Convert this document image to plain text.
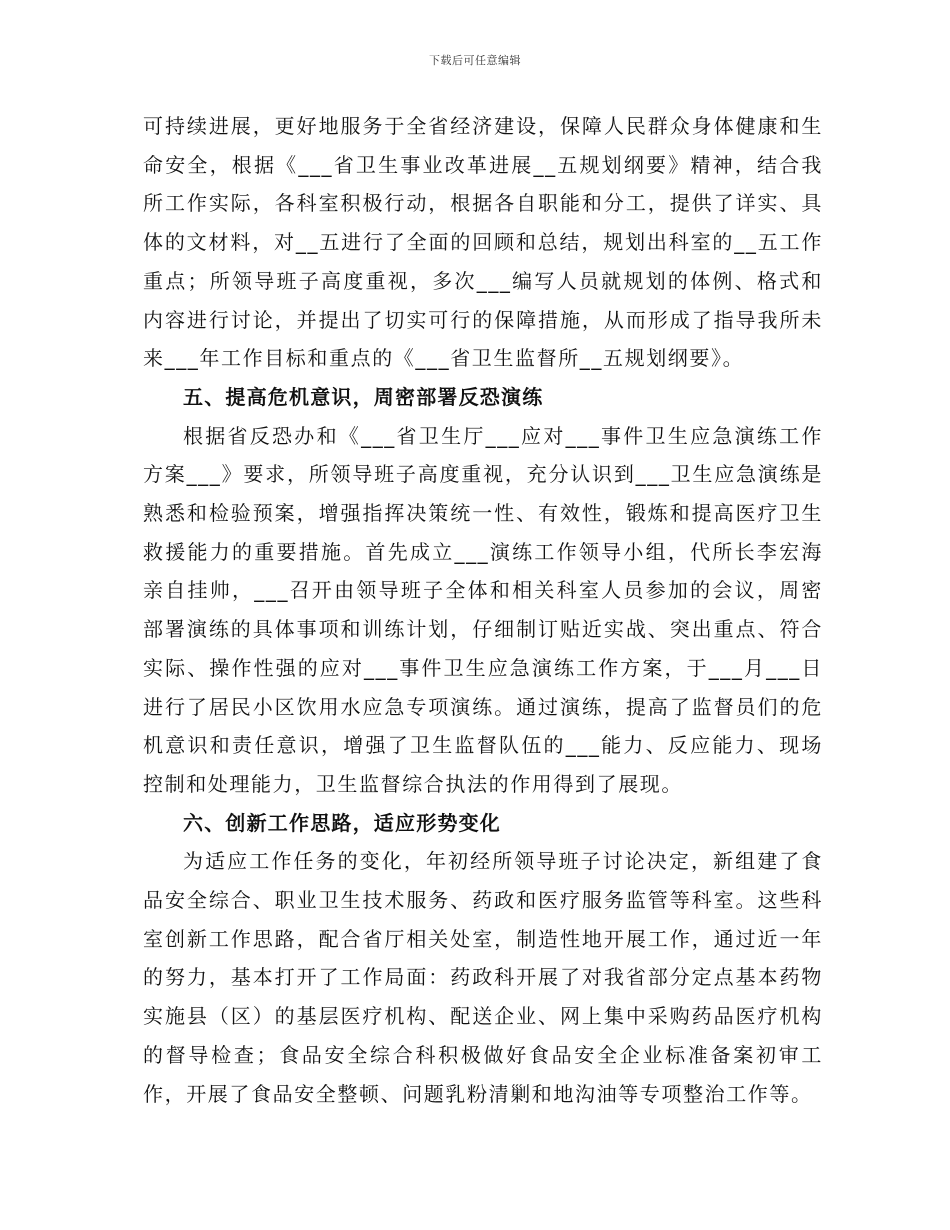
下载后可任意编辑

可持续进展，更好地服务于全省经济建设，保障人民群众身体健康和生命安全，根据《___省卫生事业改革进展__五规划纲要》精神，结合我所工作实际，各科室积极行动，根据各自职能和分工，提供了详实、具体的文材料，对__五进行了全面的回顾和总结，规划出科室的__五工作重点；所领导班子高度重视，多次___编写人员就规划的体例、格式和内容进行讨论，并提出了切实可行的保障措施，从而形成了指导我所未来___年工作目标和重点的《___省卫生监督所__五规划纲要》。

五、提高危机意识，周密部署反恐演练

根据省反恐办和《___省卫生厅___应对___事件卫生应急演练工作方案___》要求，所领导班子高度重视，充分认识到___卫生应急演练是熟悉和检验预案，增强指挥决策统一性、有效性，锻炼和提高医疗卫生救援能力的重要措施。首先成立___演练工作领导小组，代所长李宏海亲自挂帅，___召开由领导班子全体和相关科室人员参加的会议，周密部署演练的具体事项和训练计划，仔细制订贴近实战、突出重点、符合实际、操作性强的应对___事件卫生应急演练工作方案，于___月___日进行了居民小区饮用水应急专项演练。通过演练，提高了监督员们的危机意识和责任意识，增强了卫生监督队伍的___能力、反应能力、现场控制和处理能力，卫生监督综合执法的作用得到了展现。

六、创新工作思路，适应形势变化

为适应工作任务的变化，年初经所领导班子讨论决定，新组建了食品安全综合、职业卫生技术服务、药政和医疗服务监管等科室。这些科室创新工作思路，配合省厅相关处室，制造性地开展工作，通过近一年的努力，基本打开了工作局面：药政科开展了对我省部分定点基本药物实施县（区）的基层医疗机构、配送企业、网上集中采购药品医疗机构的督导检查；食品安全综合科积极做好食品安全企业标准备案初审工作，开展了食品安全整顿、问题乳粉清剿和地沟油等专项整治工作等。
